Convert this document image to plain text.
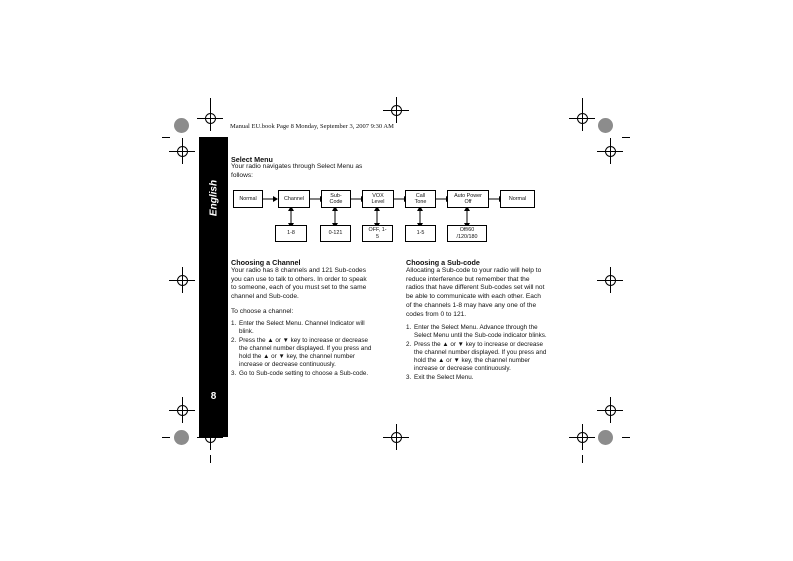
Manual EU.book Page 8 Monday, September 3, 2007 9:30 AM
English
8
Select Menu
Your radio navigates through Select Menu as
follows:
Normal	Channel
Sub-
Code
VOX
Level
Call
Tone
Auto Power
Off
Normal
1-8	0-121
OFF, 1-
5
1-5
Off/60
/120/180
Choosing a Channel
Your radio has 8 channels and 121 Sub-codes
you can use to talk to others. In order to speak
to someone, each of you must set to the same
channel and Sub-code.
To choose a channel:
1. Enter the Select Menu. Channel Indicator will
blink.
2. Press the ▲ or ▼ key to increase or decrease
the channel number displayed. If you press and
hold the ▲ or ▼ key, the channel number
increase or decrease continuously.
3. Go to Sub-code setting to choose a Sub-code.
Choosing a Sub-code
Allocating a Sub-code to your radio will help to
reduce interference but remember that the
radios that have different Sub-codes set will not
be able to communicate with each other. Each
of the channels 1-8 may have any one of the
codes from 0 to 121.
1. Enter the Select Menu. Advance through the
Select Menu until the Sub-code indicator blinks.
2. Press the ▲ or ▼ key to increase or decrease
the channel number displayed. If you press and
hold the ▲ or ▼ key, the channel number
increase or decrease continuously.
3. Exit the Select Menu.
